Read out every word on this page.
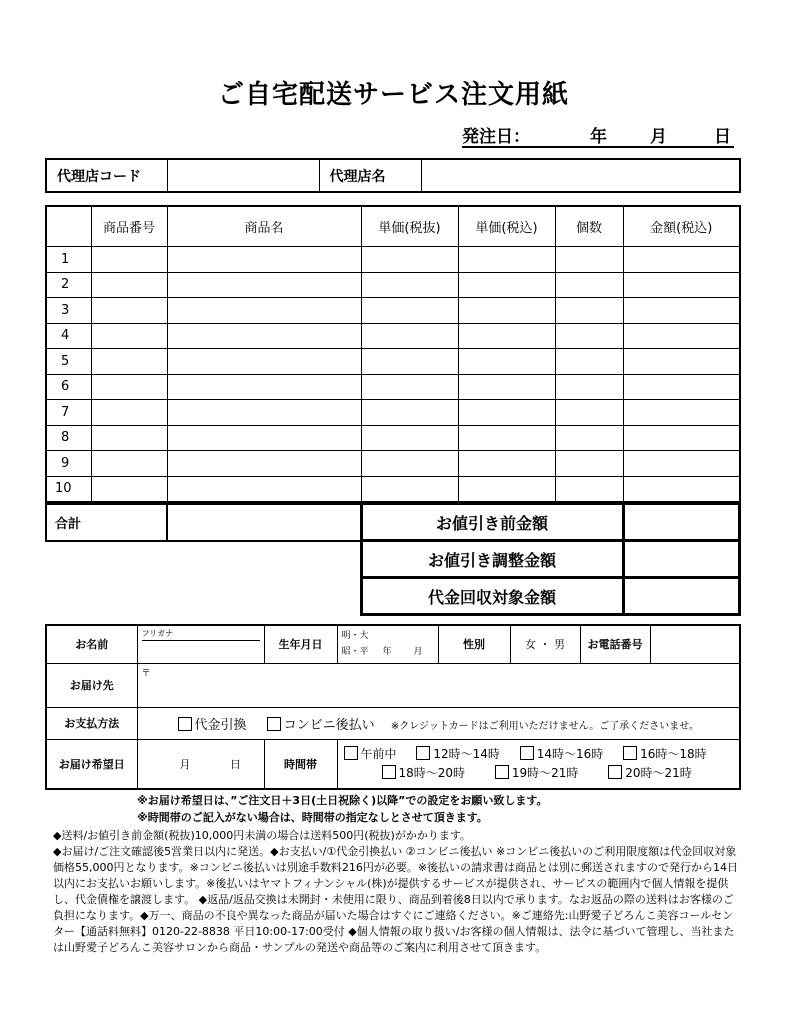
ご自宅配送サービス注文用紙
発注日：	年	月	日
代理店コード		代理店名	
	商品番号	商品名	単価(税抜)	単価(税込)	個数	金額(税込)
1						
2						
3						
4						
5						
6						
7						
8						
9						
10						
合計		お値引き前金額	
		お値引き調整金額	
		代金回収対象金額	
お名前	フリガナ	生年月日	明・大
昭・平 年 月	性別	女 ・ 男	お電話番号	
お届け先	〒						
お支払方法	代金引換 コンビニ後払い ※クレジットカードはご利用いただけません。ご了承くださいませ。						
お届け希望日	月 日	時間帯	午前中 12時～14時 14時～16時 16時～18時
18時～20時 19時～21時 20時～21時				
※お届け希望日は、”ご注文日＋3日(土日祝除く)以降”での設定をお願い致します。
※時間帯のご記入がない場合は、時間帯の指定なしとさせて頂きます。

◆送料/お値引き前金額(税抜)10,000円未満の場合は送料500円(税抜)がかかります。

◆お届け/ご注文確認後5営業日以内に発送。◆お支払い/①代金引換払い ②コンビニ後払い ※コンビニ後払いのご利用限度額は代金回収対象価格55,000円となります。※コンビニ後払いは別途手数料216円が必要。※後払いの請求書は商品とは別に郵送されますので発行から14日以内にお支払いお願いします。※後払いはヤマトフィナンシャル(株)が提供するサービスが提供され、サービスの範囲内で個人情報を提供し、代金債権を譲渡します。 ◆返品/返品交換は未開封・未使用に限り、商品到着後8日以内で承ります。なお返品の際の送料はお客様のご負担になります。◆万一、商品の不良や異なった商品が届いた場合はすぐにご連絡ください。※ご連絡先:山野愛子どろんこ美容コールセンター【通話料無料】0120-22-8838 平日10:00-17:00受付 ◆個人情報の取り扱い/お客様の個人情報は、法令に基づいて管理し、当社または山野愛子どろんこ美容サロンから商品・サンプルの発送や商品等のご案内に利用させて頂きます。
